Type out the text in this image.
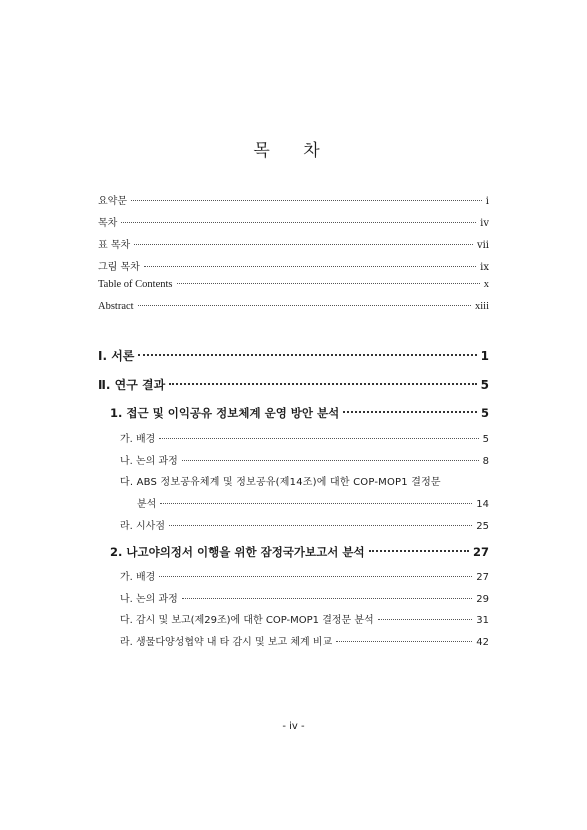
목 차
요약문	i
목차	iv
표 목차	vii
그림 목차	ix
Table of Contents	x
Abstract	xiii
Ⅰ. 서론	1
Ⅱ. 연구 결과	5
1. 접근 및 이익공유 정보체계 운영 방안 분석	5
가. 배경	5
나. 논의 과정	8
다. ABS 정보공유체계 및 정보공유(제14조)에 대한 COP-MOP1 결정문
분석	14
라. 시사점	25
2. 나고야의정서 이행을 위한 잠정국가보고서 분석	27
가. 배경	27
나. 논의 과정	29
다. 감시 및 보고(제29조)에 대한 COP-MOP1 결정문 분석	31
라. 생물다양성협약 내 타 감시 및 보고 체계 비교	42
- iv -
